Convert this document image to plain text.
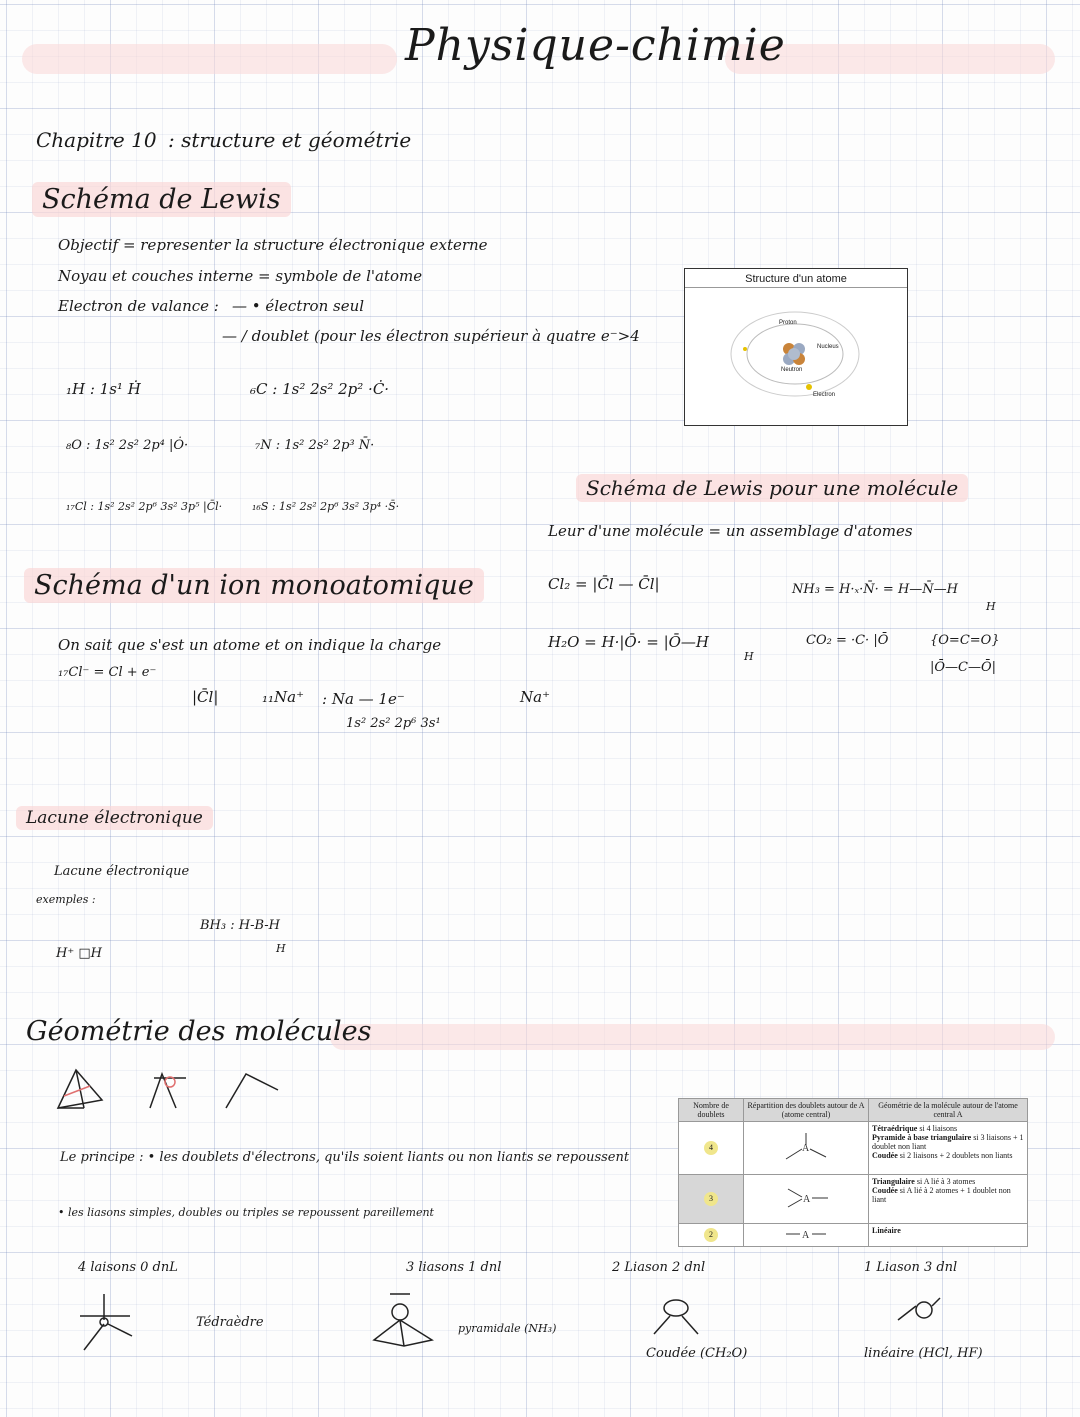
Physique-chimie
Chapitre 10 : structure et géométrie
Schéma de Lewis
Objectif = representer la structure électronique externe
Noyau et couches interne = symbole de l'atome
Electron de valance : — • électron seul
— / doublet (pour les électron supérieur à quatre e⁻>4
₁H : 1s¹ Ḣ	₆C : 1s² 2s² 2p² ·Ċ·
₈O : 1s² 2s² 2p⁴ |Ȯ·	₇N : 1s² 2s² 2p³ N̄·
₁₇Cl : 1s² 2s² 2p⁶ 3s² 3p⁵ |C̄l·	₁₆S : 1s² 2s² 2p⁶ 3s² 3p⁴ ·S̄·
Structure d'un atome
Proton
Nucleus
Neutron
Electron
Schéma de Lewis pour une molécule
Leur d'une molécule = un assemblage d'atomes
Cl₂ = |C̄l — C̄l|	NH₃ = H·ₓ·N̄· = H—N̄—H
H
H₂O = H·|Ō· = |Ō—H
H
CO₂ = ·C· |Ō	{O=C=O}
|Ō—C—Ō|
Schéma d'un ion monoatomique
On sait que s'est un atome et on indique la charge
₁₇Cl⁻ = Cl + e⁻
|C̄l|	₁₁Na⁺ : Na — 1e⁻
1s² 2s² 2p⁶ 3s¹
Na⁺
Lacune électronique
Lacune électronique
exemples :
BH₃ : H-B-H
H
H⁺ □H
Géométrie des molécules
Le principe : • les doublets d'électrons, qu'ils soient liants ou non liants se repoussent
• les liasons simples, doubles ou triples se repoussent pareillement
Nombre de doublets	Répartition des doublets autour de A (atome central)	Géométrie de la molécule autour de l'atome central A
4	A	Tétraédrique si 4 liaisons
Pyramide à base triangulaire si 3 liaisons + 1 doublet non liant
Coudée si 2 liaisons + 2 doublets non liants

3	A	Triangulaire si A lié à 3 atomes
Coudée si A lié à 2 atomes + 1 doublet non liant

2	A	Linéaire
4 laisons 0 dnL	3 liasons 1 dnl	2 Liason 2 dnl	1 Liason 3 dnl
Tédraèdre	pyramidale (NH₃)
Coudée (CH₂O)	linéaire (HCl, HF)
